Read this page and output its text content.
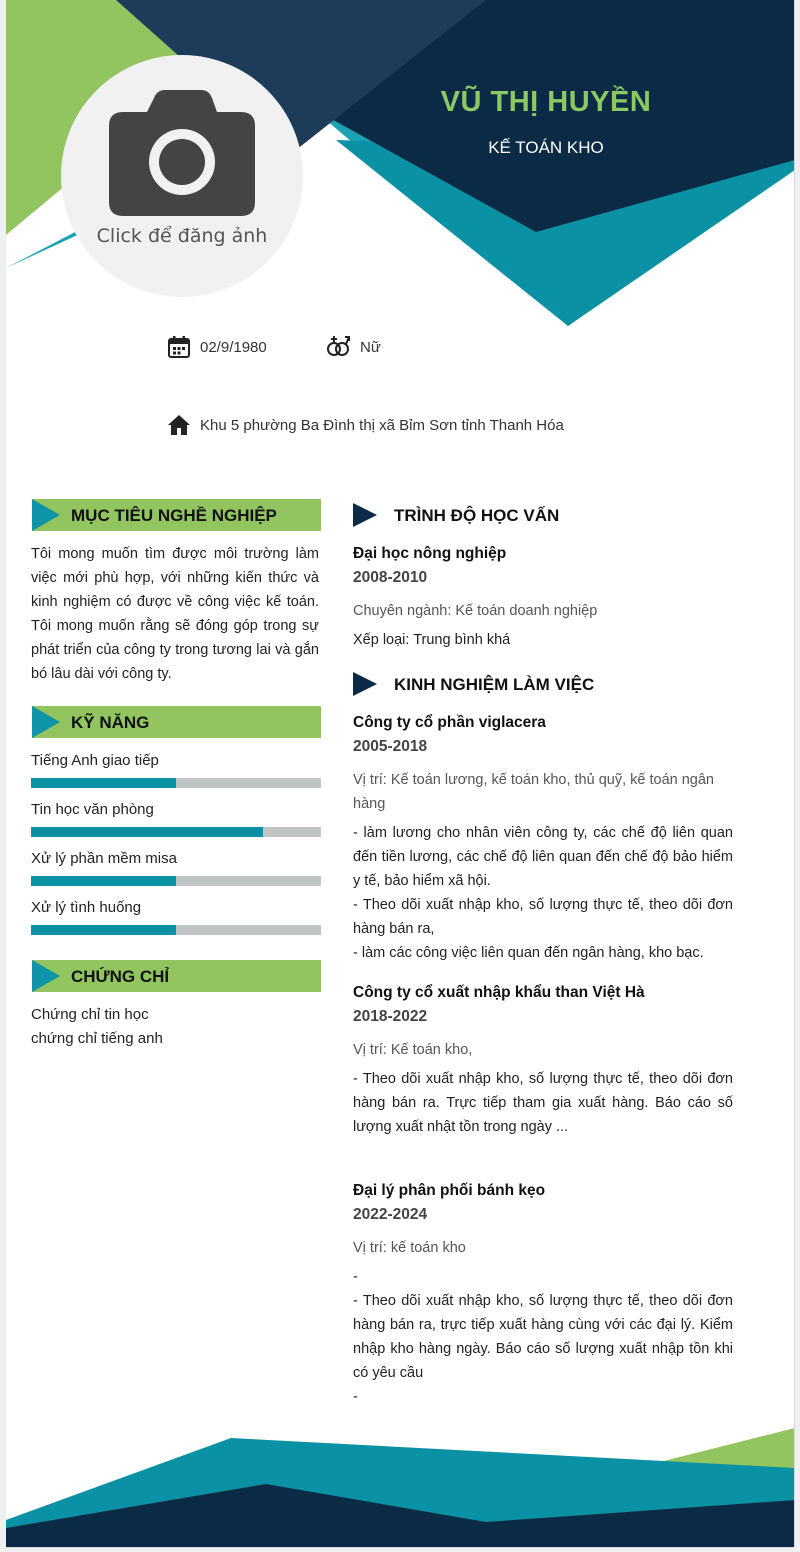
Click để đăng ảnh
VŨ THỊ HUYỀN
KẾ TOÁN KHO
02/9/1980	Nữ
Khu 5 phường Ba Đình thị xã Bỉm Sơn tỉnh Thanh Hóa
MỤC TIÊU NGHỀ NGHIỆP
Tôi mong muốn tìm được môi trường làm việc mới phù hợp, với những kiến thức và kinh nghiệm có được về công việc kế toán. Tôi mong muốn rằng sẽ đóng góp trong sự phát triển của công ty trong tương lai và gắn bó lâu dài với công ty.
KỸ NĂNG
Tiếng Anh giao tiếp
Tin học văn phòng
Xử lý phần mềm misa
Xử lý tình huống
CHỨNG CHỈ
Chứng chỉ tin học
chứng chỉ tiếng anh
TRÌNH ĐỘ HỌC VẤN
Đại học nông nghiệp
2008-2010
Chuyên ngành: Kế toán doanh nghiệp
Xếp loại: Trung bình khá
KINH NGHIỆM LÀM VIỆC
Công ty cổ phần viglacera
2005-2018
Vị trí: Kế toán lương, kế toán kho, thủ quỹ, kế toán ngân hàng
- làm lương cho nhân viên công ty, các chế độ liên quan đến tiền lương, các chế độ liên quan đến chế độ bảo hiểm y tế, bảo hiểm xã hội.
- Theo dõi xuất nhập kho, số lượng thực tế, theo dõi đơn hàng bán ra,
- làm các công việc liên quan đến ngân hàng, kho bạc.
Công ty cổ xuất nhập khẩu than Việt Hà
2018-2022
Vị trí: Kế toán kho,
- Theo dõi xuất nhập kho, số lượng thực tế, theo dõi đơn hàng bán ra. Trực tiếp tham gia xuất hàng. Báo cáo số lượng xuất nhật tồn trong ngày ...
Đại lý phân phối bánh kẹo
2022-2024
Vị trí: kế toán kho
-
- Theo dõi xuất nhập kho, số lượng thực tế, theo dõi đơn hàng bán ra, trực tiếp xuất hàng cùng với các đại lý. Kiểm nhập kho hàng ngày. Báo cáo số lượng xuất nhập tồn khi có yêu cầu
-
